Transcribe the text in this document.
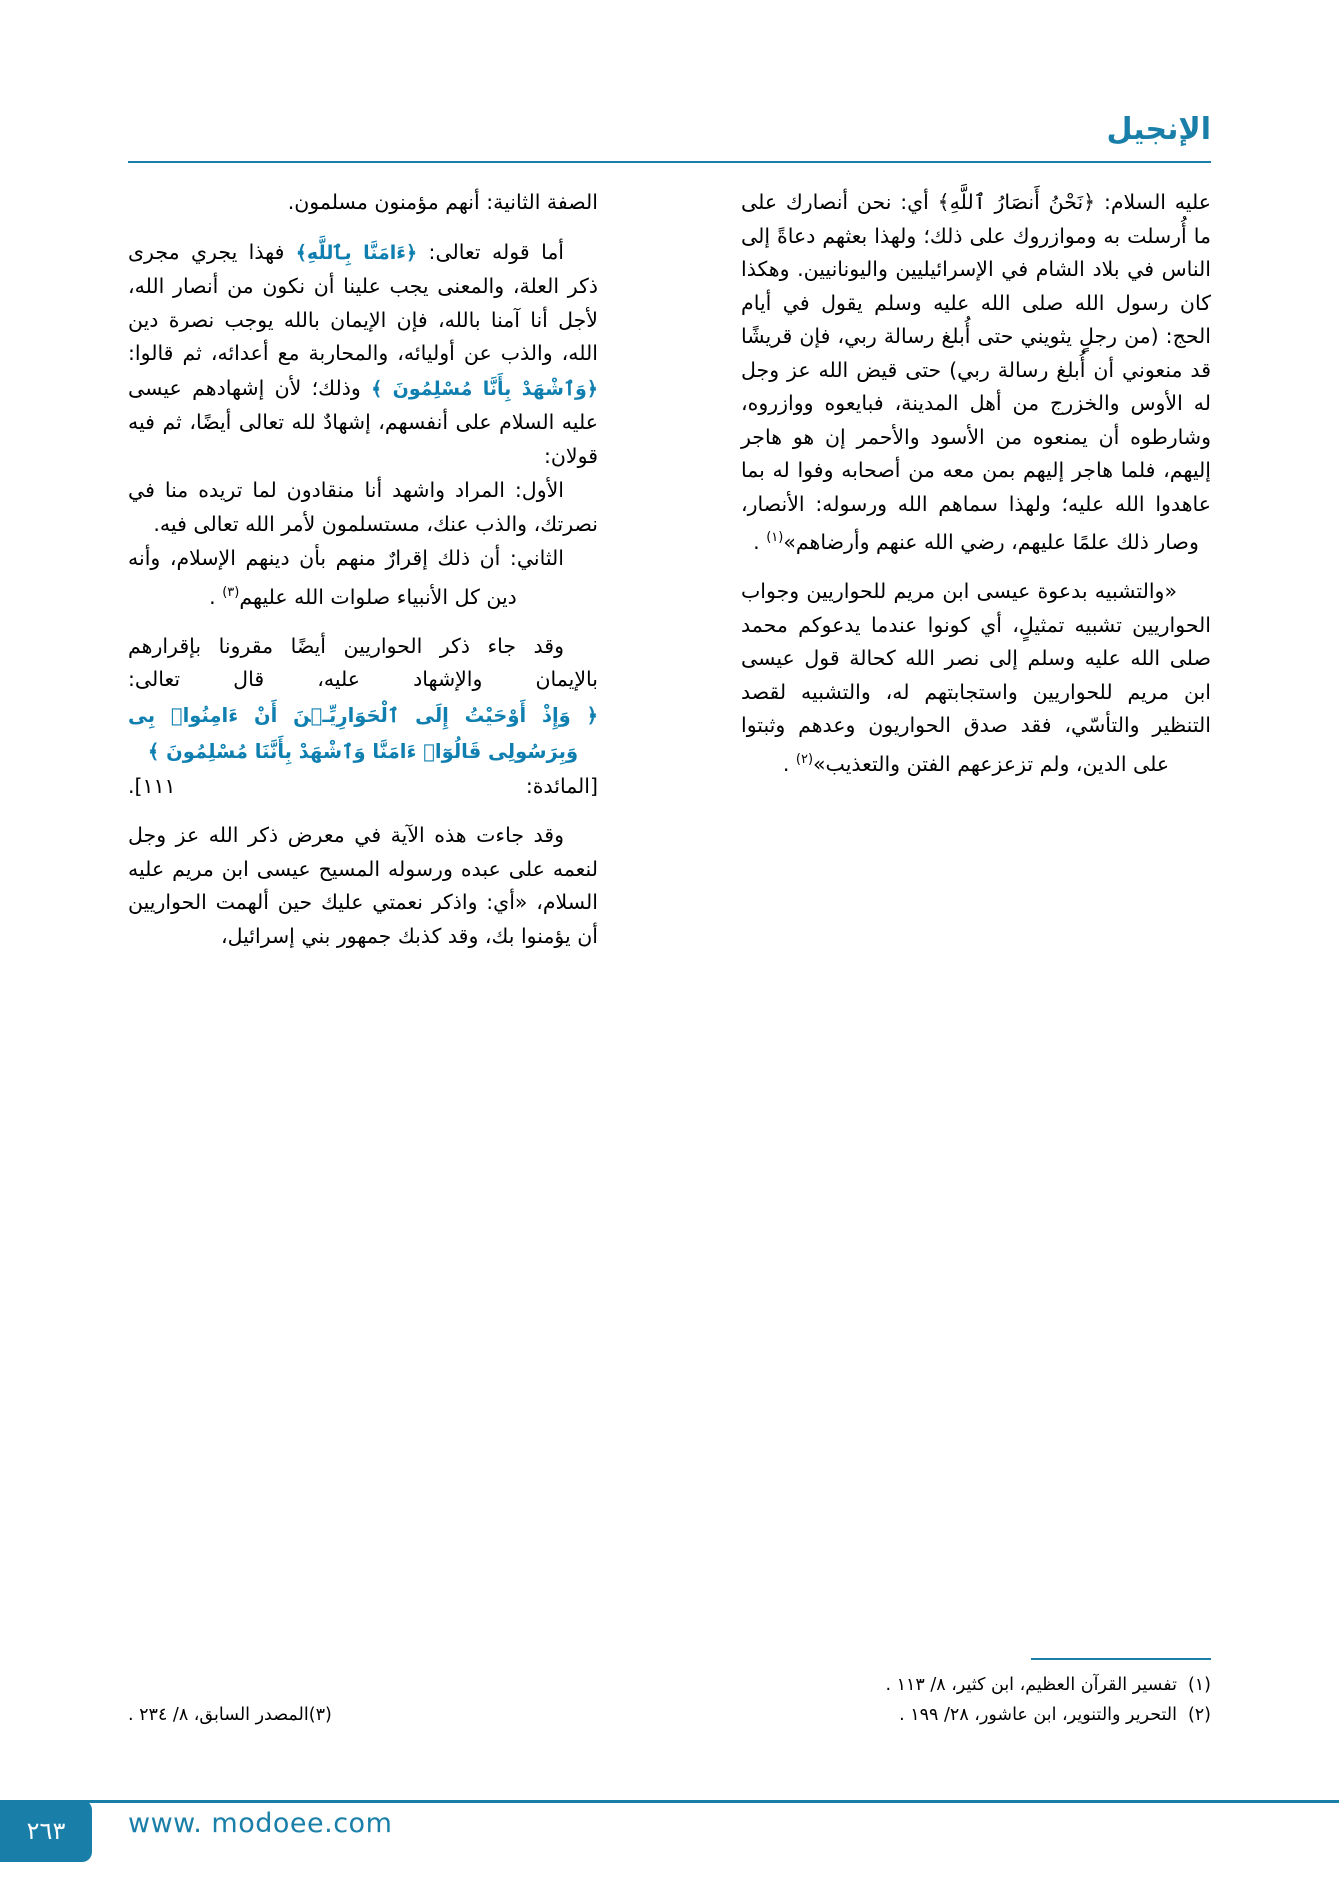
الإنجيل

عليه السلام: ﴿نَحْنُ أَنصَارُ ٱللَّهِ﴾ أي: نحن أنصارك على ما أُرسلت به وموازروك على ذلك؛ ولهذا بعثهم دعاةً إلى الناس في بلاد الشام في الإسرائيليين واليونانيين. وهكذا كان رسول الله صلى الله عليه وسلم يقول في أيام الحج: (من رجلٍ يثويني حتى أُبلغ رسالة ربي، فإن قريشًا قد منعوني أن أُبلغ رسالة ربي) حتى قيض الله عز وجل له الأوس والخزرج من أهل المدينة، فبايعوه ووازروه، وشارطوه أن يمنعوه من الأسود والأحمر إن هو هاجر إليهم، فلما هاجر إليهم بمن معه من أصحابه وفوا له بما عاهدوا الله عليه؛ ولهذا سماهم الله ورسوله: الأنصار، وصار ذلك علمًا عليهم، رضي الله عنهم وأرضاهم»$^{(١)}$ .

«والتشبيه بدعوة عيسى ابن مريم للحواريين وجواب الحواريين تشبيه تمثيلٍ، أي كونوا عندما يدعوكم محمد صلى الله عليه وسلم إلى نصر الله كحالة قول عيسى ابن مريم للحواريين واستجابتهم له، والتشبيه لقصد التنظير والتأسّي، فقد صدق الحواريون وعدهم وثبتوا على الدين، ولم تزعزعهم الفتن والتعذيب»$^{(٢)}$ .

(١)تفسير القرآن العظيم، ابن كثير، ٨/ ١١٣ .
(٢)التحرير والتنوير، ابن عاشور، ٢٨/ ١٩٩ .

الصفة الثانية: أنهم مؤمنون مسلمون.

أما قوله تعالى: ﴿ءَامَنَّا بِٱللَّهِ﴾ فهذا يجري مجرى ذكر العلة، والمعنى يجب علينا أن نكون من أنصار الله، لأجل أنا آمنا بالله، فإن الإيمان بالله يوجب نصرة دين الله، والذب عن أوليائه، والمحاربة مع أعدائه، ثم قالوا:

﴿وَٱشْهَدْ بِأَنَّا مُسْلِمُونَ ﴾ وذلك؛ لأن إشهادهم عيسى عليه السلام على أنفسهم، إشهادٌ لله تعالى أيضًا، ثم فيه قولان:

الأول: المراد واشهد أنا منقادون لما تريده منا في نصرتك، والذب عنك، مستسلمون لأمر الله تعالى فيه.

الثاني: أن ذلك إقرارٌ منهم بأن دينهم الإسلام، وأنه دين كل الأنبياء صلوات الله عليهم$^{(٣)}$ .

وقد جاء ذكر الحواريين أيضًا مقرونا بإقرارهم بالإيمان والإشهاد عليه، قال تعالى:

﴿ وَإِذْ أَوْحَيْتُ إِلَى ٱلْحَوَارِيِّـۧنَ أَنْ ءَامِنُوا۟ بِى وَبِرَسُولِى قَالُوٓا۟ ءَامَنَّا وَٱشْهَدْ بِأَنَّنَا مُسْلِمُونَ ﴾

[المائدة: ١١١].

وقد جاءت هذه الآية في معرض ذكر الله عز وجل لنعمه على عبده ورسوله المسيح عيسى ابن مريم عليه السلام، «أي: واذكر نعمتي عليك حين ألهمت الحواريين أن يؤمنوا بك، وقد كذبك جمهور بني إسرائيل،

(٣)المصدر السابق، ٨/ ٢٣٤ .
٢٦٣	www. modoee.com
